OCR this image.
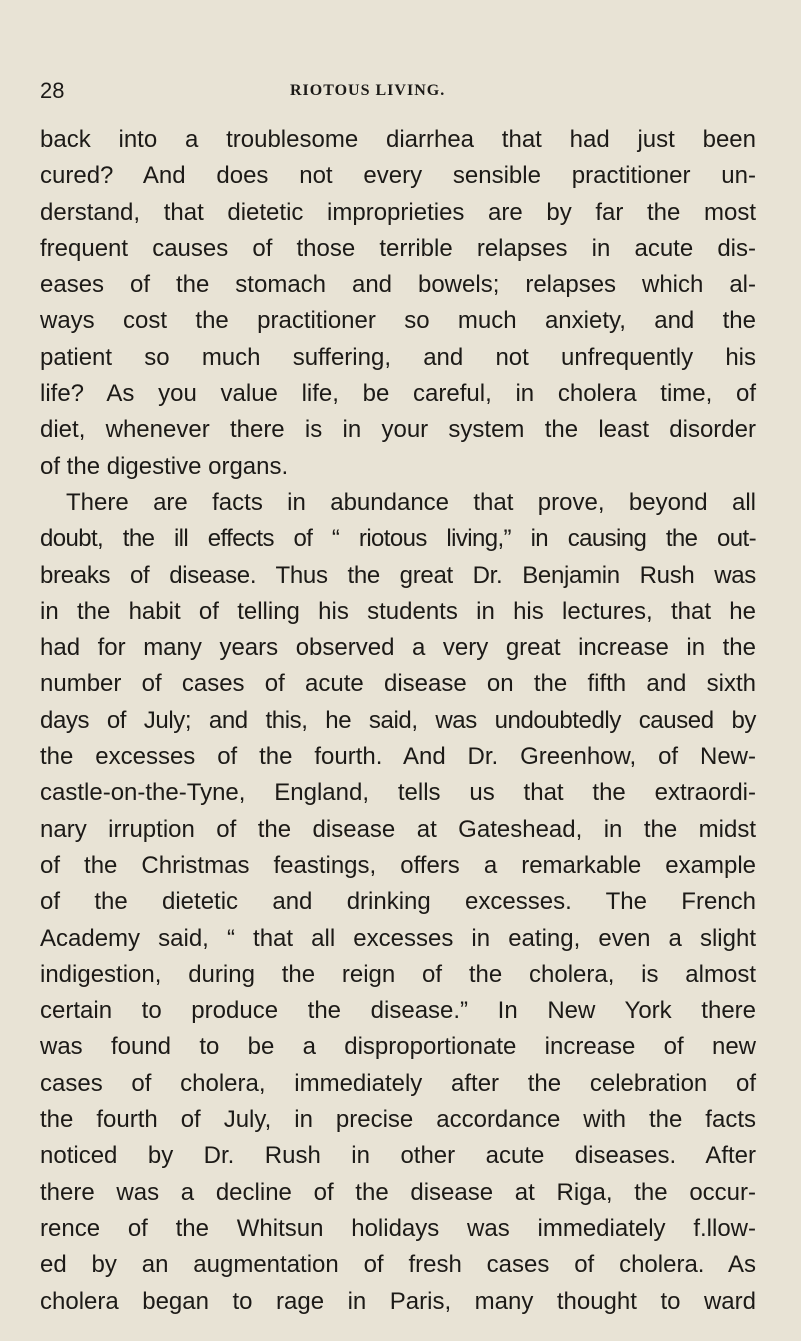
28	RIOTOUS LIVING.
back into a troublesome diarrhea that had just been
cured? And does not every sensible practitioner un-
derstand, that dietetic improprieties are by far the most
frequent causes of those terrible relapses in acute dis-
eases of the stomach and bowels; relapses which al-
ways cost the practitioner so much anxiety, and the
patient so much suffering, and not unfrequently his
life? As you value life, be careful, in cholera time, of
diet, whenever there is in your system the least disorder
of the digestive organs.
There are facts in abundance that prove, beyond all
doubt, the ill effects of “ riotous living,” in causing the out-
breaks of disease. Thus the great Dr. Benjamin Rush was
in the habit of telling his students in his lectures, that he
had for many years observed a very great increase in the
number of cases of acute disease on the fifth and sixth
days of July; and this, he said, was undoubtedly caused by
the excesses of the fourth. And Dr. Greenhow, of New-
castle-on-the-Tyne, England, tells us that the extraordi-
nary irruption of the disease at Gateshead, in the midst
of the Christmas feastings, offers a remarkable example
of the dietetic and drinking excesses. The French
Academy said, “ that all excesses in eating, even a slight
indigestion, during the reign of the cholera, is almost
certain to produce the disease.” In New York there
was found to be a disproportionate increase of new
cases of cholera, immediately after the celebration of
the fourth of July, in precise accordance with the facts
noticed by Dr. Rush in other acute diseases. After
there was a decline of the disease at Riga, the occur-
rence of the Whitsun holidays was immediately f.llow-
ed by an augmentation of fresh cases of cholera. As
cholera began to rage in Paris, many thought to ward
